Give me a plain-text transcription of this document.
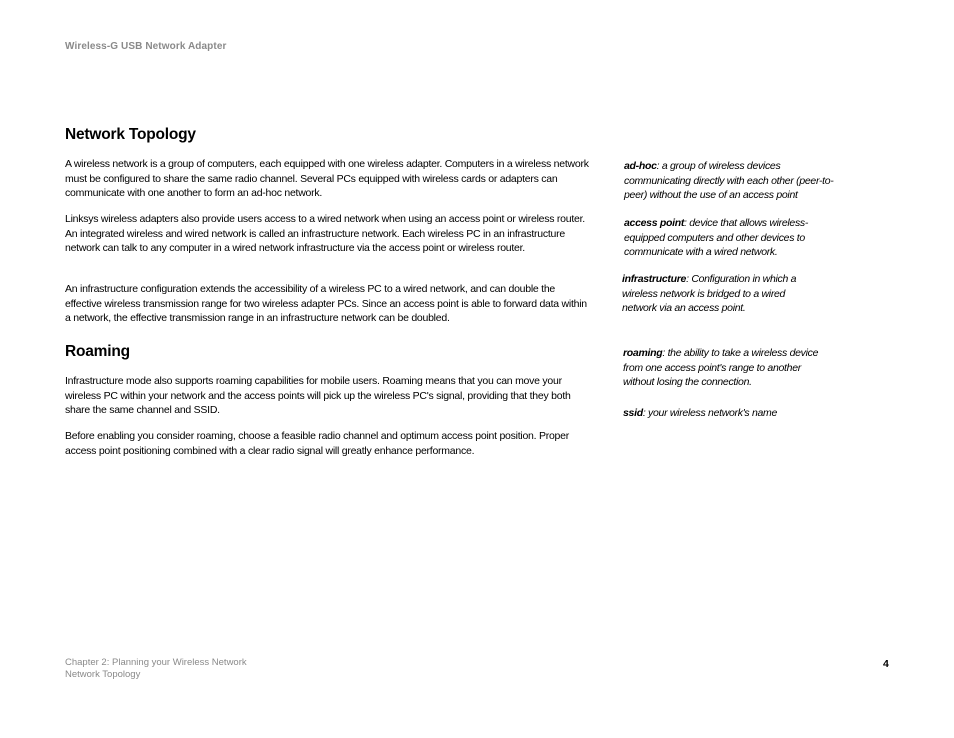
Wireless-G USB Network Adapter
Network Topology

A wireless network is a group of computers, each equipped with one wireless adapter. Computers in a wireless network must be configured to share the same radio channel. Several PCs equipped with wireless cards or adapters can communicate with one another to form an ad-hoc network.

Linksys wireless adapters also provide users access to a wired network when using an access point or wireless router. An integrated wireless and wired network is called an infrastructure network. Each wireless PC in an infrastructure network can talk to any computer in a wired network infrastructure via the access point or wireless router.

An infrastructure configuration extends the accessibility of a wireless PC to a wired network, and can double the effective wireless transmission range for two wireless adapter PCs. Since an access point is able to forward data within a network, the effective transmission range in an infrastructure network can be doubled.

Roaming

Infrastructure mode also supports roaming capabilities for mobile users. Roaming means that you can move your wireless PC within your network and the access points will pick up the wireless PC's signal, providing that they both share the same channel and SSID.

Before enabling you consider roaming, choose a feasible radio channel and optimum access point position. Proper access point positioning combined with a clear radio signal will greatly enhance performance.

ad-hoc: a group of wireless devices communicating directly with each other (peer-to-peer) without the use of an access point

access point: device that allows wireless-equipped computers and other devices to communicate with a wired network.

infrastructure: Configuration in which a wireless network is bridged to a wired network via an access point.

roaming: the ability to take a wireless device from one access point's range to another without losing the connection.

ssid: your wireless network's name

Chapter 2: Planning your Wireless Network
Network Topology
4
